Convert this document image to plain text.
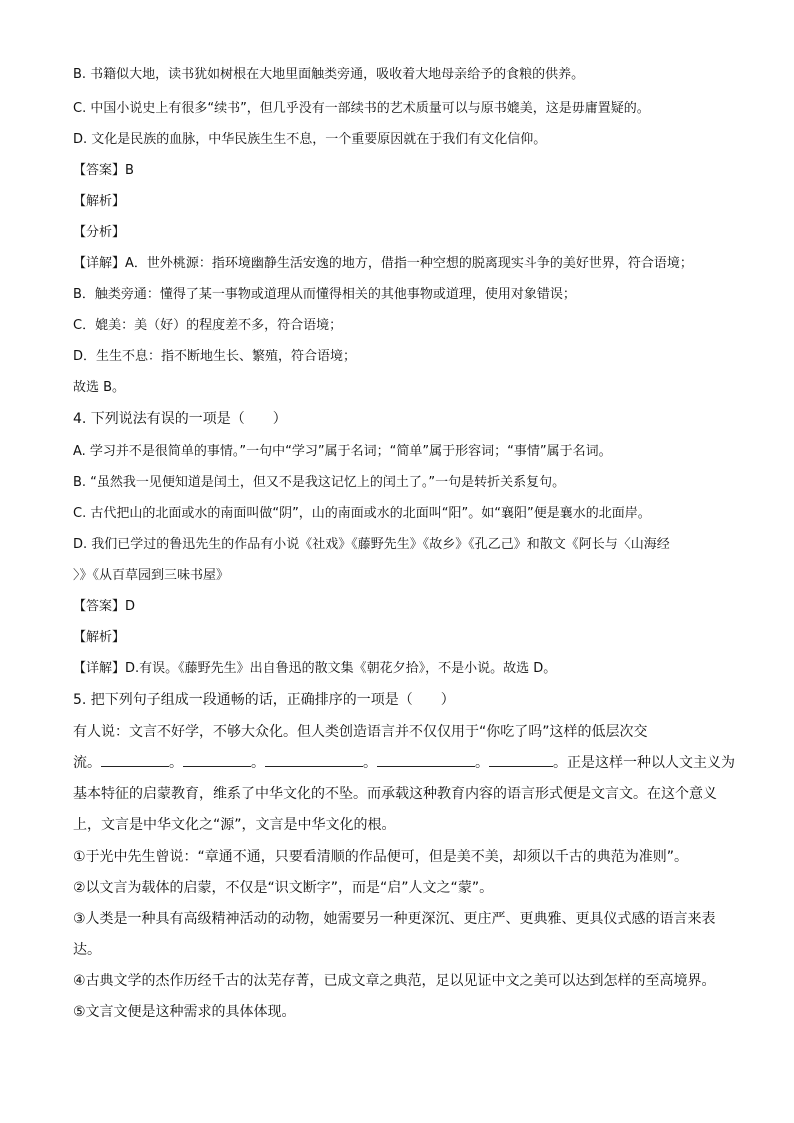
B. 书籍似大地，读书犹如树根在大地里面触类旁通，吸收着大地母亲给予的食粮的供养。
C. 中国小说史上有很多“续书”，但几乎没有一部续书的艺术质量可以与原书媲美，这是毋庸置疑的。
D. 文化是民族的血脉，中华民族生生不息，一个重要原因就在于我们有文化信仰。
【答案】B
【解析】
【分析】
【详解】A．世外桃源：指环境幽静生活安逸的地方，借指一种空想的脱离现实斗争的美好世界，符合语境；
B．触类旁通：懂得了某一事物或道理从而懂得相关的其他事物或道理，使用对象错误；
C．媲美：美（好）的程度差不多，符合语境；
D．生生不息：指不断地生长、繁殖，符合语境；
故选 B。
4. 下列说法有误的一项是（　　）
A. 学习并不是很简单的事情。”一句中“学习”属于名词；“简单”属于形容词；“事情”属于名词。
B. “虽然我一见便知道是闰土，但又不是我这记忆上的闰土了。”一句是转折关系复句。
C. 古代把山的北面或水的南面叫做“阴”，山的南面或水的北面叫“阳”。如“襄阳”便是襄水的北面岸。
D. 我们已学过的鲁迅先生的作品有小说《社戏》《藤野先生》《故乡》《孔乙己》和散文《阿长与〈山海经
〉》《从百草园到三味书屋》
【答案】D
【解析】
【详解】D.有误。《藤野先生》出自鲁迅的散文集《朝花夕拾》，不是小说。故选 D。
5. 把下列句子组成一段通畅的话，正确排序的一项是（　　）
有人说：文言不好学，不够大众化。但人类创造语言并不仅仅用于“你吃了吗”这样的低层次交
流。	。	。	。	。	。正是这样一种以人文主义为
基本特征的启蒙教育，维系了中华文化的不坠。而承载这种教育内容的语言形式便是文言文。在这个意义
上，文言是中华文化之“源”，文言是中华文化的根。
①于光中先生曾说：“章通不通，只要看清顺的作品便可，但是美不美，却须以千古的典范为准则”。
②以文言为载体的启蒙，不仅是“识文断字”，而是“启”人文之“蒙”。
③人类是一种具有高级精神活动的动物，她需要另一种更深沉、更庄严、更典雅、更具仪式感的语言来表
达。
④古典文学的杰作历经千古的汰芜存菁，已成文章之典范，足以见证中文之美可以达到怎样的至高境界。
⑤文言文便是这种需求的具体体现。
